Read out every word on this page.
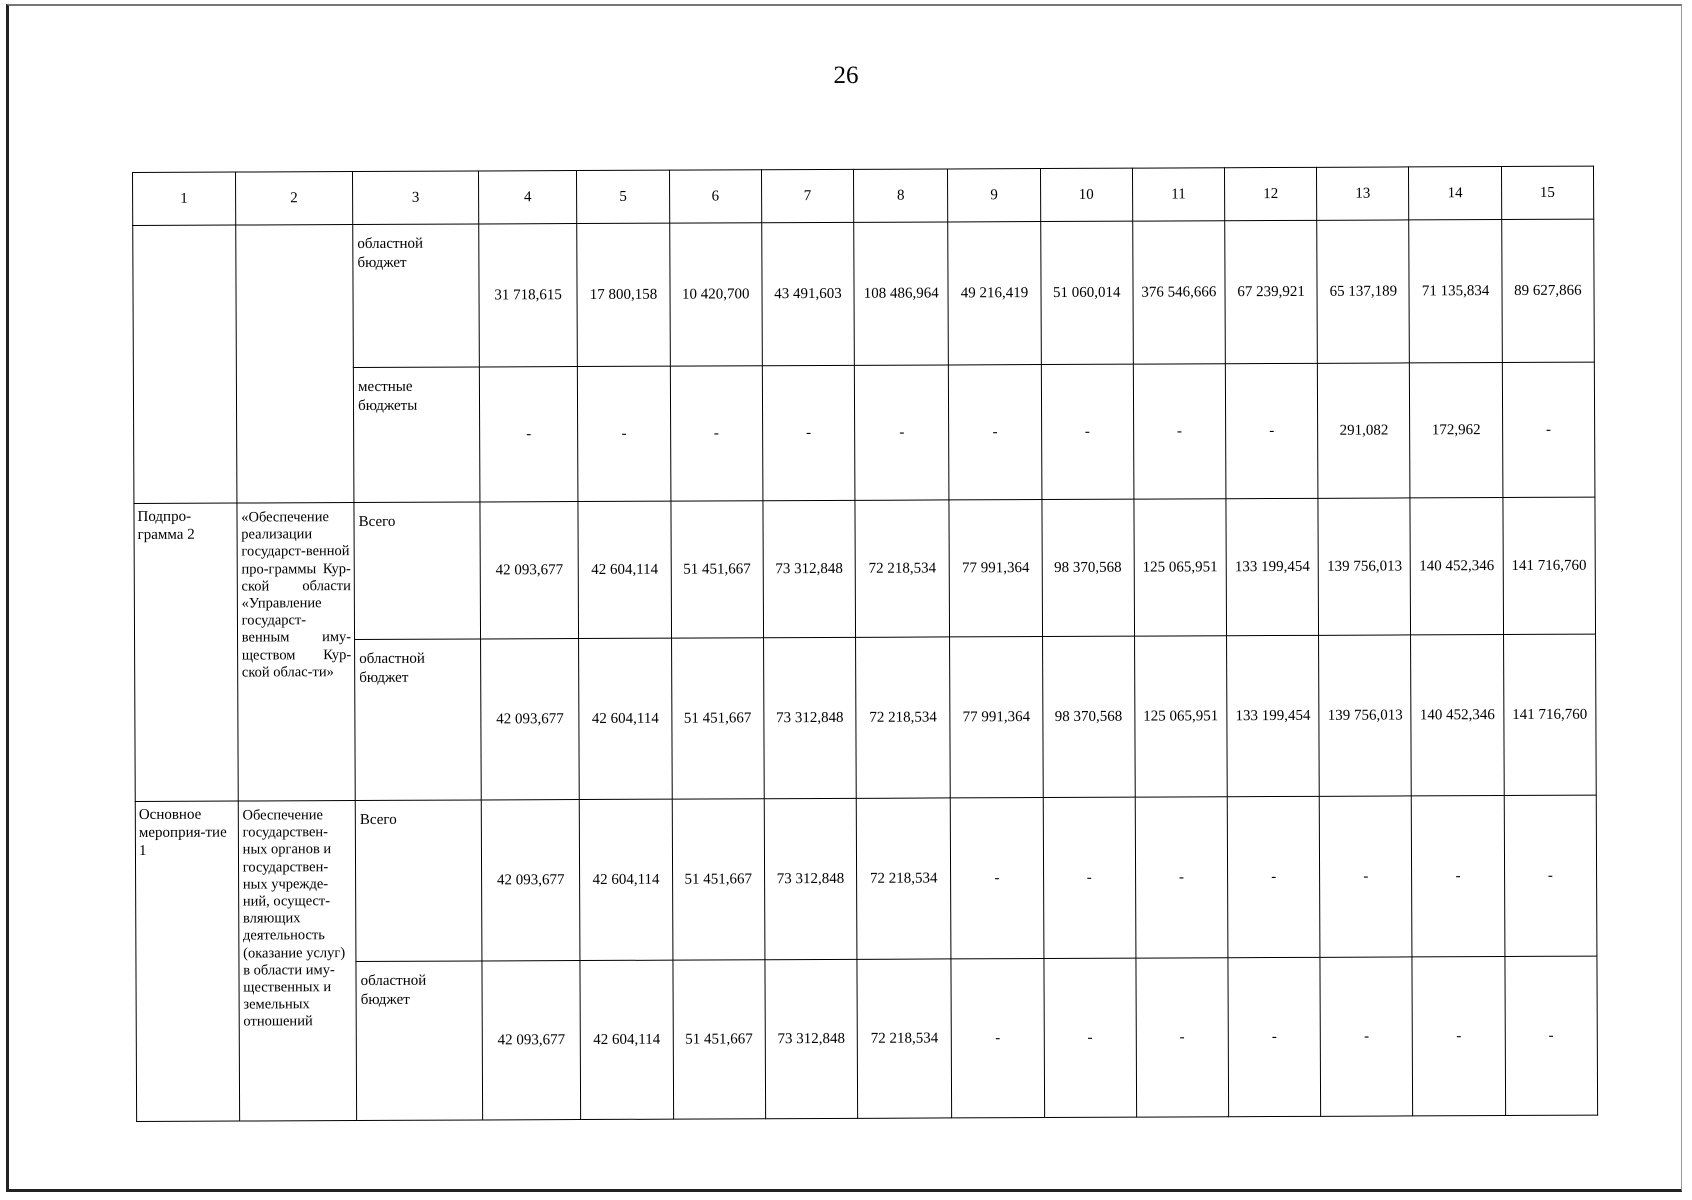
26
1	2	3	4	5	6	7	8	9	10	11	12	13	14	15
		областной бюджет	31 718,615	17 800,158	10 420,700	43 491,603	108 486,964	49 216,419	51 060,014	376 546,666	67 239,921	65 137,189	71 135,834	89 627,866
		местные бюджеты	-	-	-	-	-	-	-	-	-	291,082	172,962	-
Подпро-грамма 2	«Обеспечение реализации государст-венной про-граммы Кур-ской области «Управление государст-венным иму-ществом Кур-ской облас-ти»	Всего	42 093,677	42 604,114	51 451,667	73 312,848	72 218,534	77 991,364	98 370,568	125 065,951	133 199,454	139 756,013	140 452,346	141 716,760
		областной бюджет	42 093,677	42 604,114	51 451,667	73 312,848	72 218,534	77 991,364	98 370,568	125 065,951	133 199,454	139 756,013	140 452,346	141 716,760
Основное мероприя-тие 1	Обеспечение государствен-ных органов и государствен-ных учрежде-ний, осущест-вляющих деятельность (оказание услуг) в области иму-щественных и земельных отношений	Всего	42 093,677	42 604,114	51 451,667	73 312,848	72 218,534	-	-	-	-	-	-	-
		областной бюджет	42 093,677	42 604,114	51 451,667	73 312,848	72 218,534	-	-	-	-	-	-	-
